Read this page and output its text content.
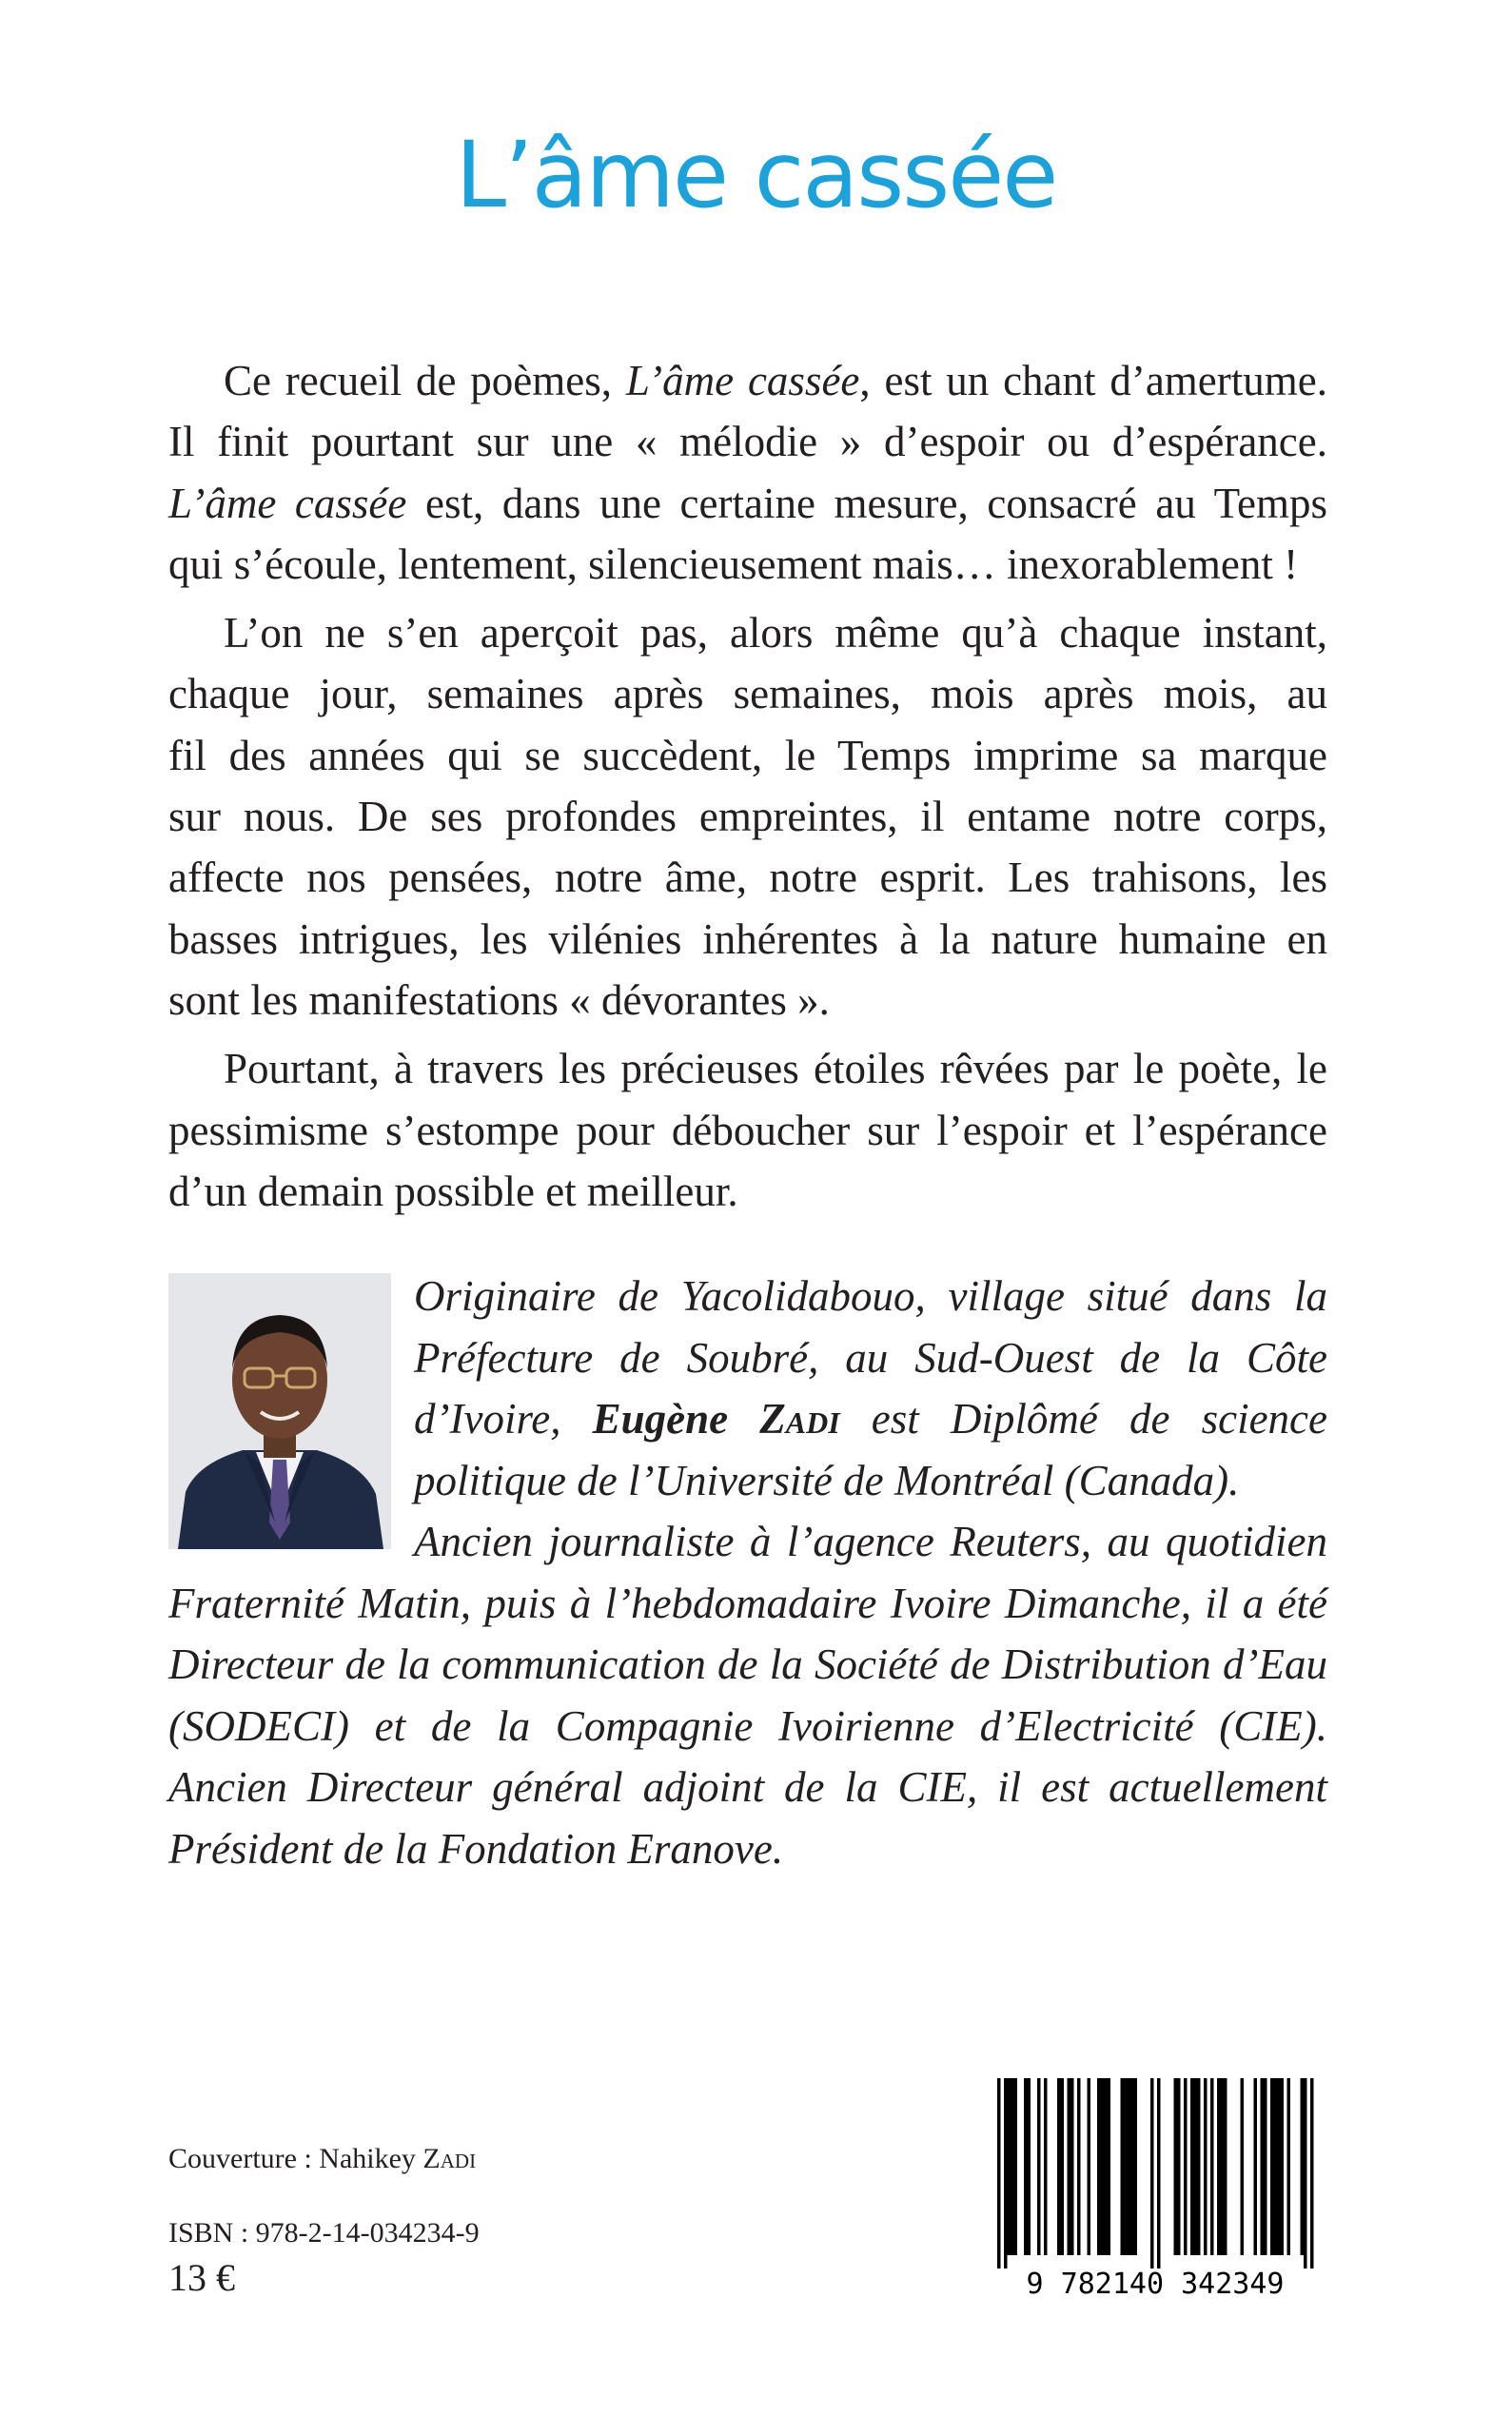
L’âme cassée

Ce recueil de poèmes, L’âme cassée, est un chant d’amertume.
Il finit pourtant sur une « mélodie » d’espoir ou d’espérance.
L’âme cassée est, dans une certaine mesure, consacré au Temps
qui s’écoule, lentement, silencieusement mais… inexorablement !

L’on ne s’en aperçoit pas, alors même qu’à chaque instant,
chaque jour, semaines après semaines, mois après mois, au
fil des années qui se succèdent, le Temps imprime sa marque
sur nous. De ses profondes empreintes, il entame notre corps,
affecte nos pensées, notre âme, notre esprit. Les trahisons, les
basses intrigues, les vilénies inhérentes à la nature humaine en
sont les manifestations « dévorantes ».

Pourtant, à travers les précieuses étoiles rêvées par le poète, le
pessimisme s’estompe pour déboucher sur l’espoir et l’espérance
d’un demain possible et meilleur.

Originaire de Yacolidabouo, village situé dans la
Préfecture de Soubré, au Sud-Ouest de la Côte
d’Ivoire, Eugène Zadi est Diplômé de science
politique de l’Université de Montréal (Canada).
Ancien journaliste à l’agence Reuters, au quotidien
Fraternité Matin, puis à l’hebdomadaire Ivoire Dimanche, il a été
Directeur de la communication de la Société de Distribution d’Eau
(SODECI) et de la Compagnie Ivoirienne d’Electricité (CIE).
Ancien Directeur général adjoint de la CIE, il est actuellement
Président de la Fondation Eranove.
Couverture : Nahikey Zadi
ISBN : 978-2-14-034234-9
13 €	9 782140 342349
